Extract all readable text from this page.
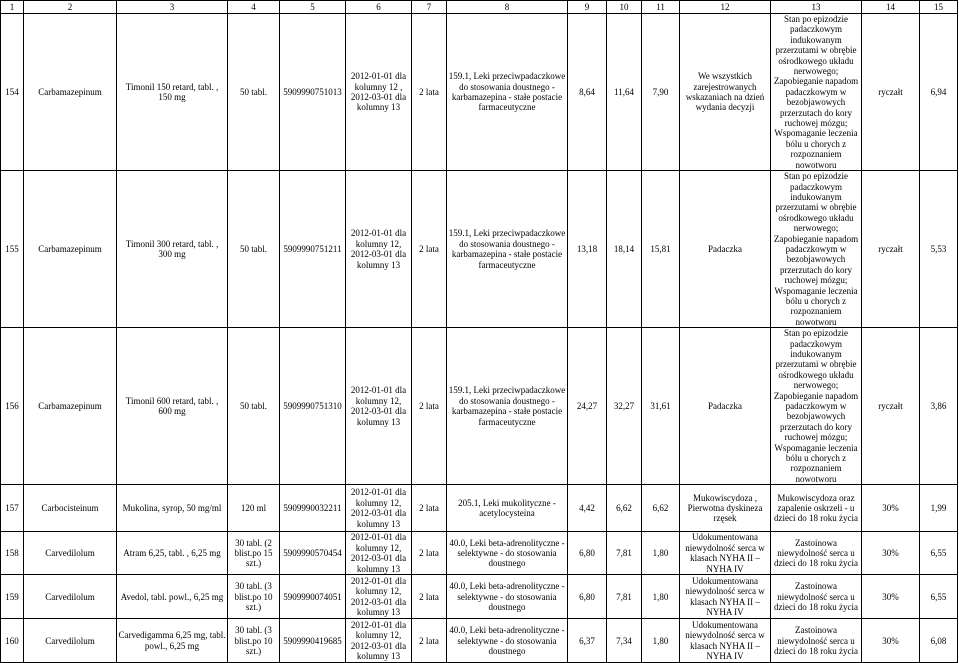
1	2	3	4	5	6	7	8	9	10	11	12	13	14	15
154	Carbamazepinum	Timonil 150 retard, tabl. , 150 mg	50 tabl.	5909990751013	2012-01-01 dla kolumny 12 , 2012-03-01 dla kolumny 13	2 lata	159.1, Leki przeciwpadaczkowe do stosowania doustnego - karbamazepina - stałe postacie farmaceutyczne	8,64	11,64	7,90	We wszystkich zarejestrowanych wskazaniach na dzień wydania decyzji	Stan po epizodzie padaczkowym indukowanym przerzutami w obrębie ośrodkowego układu nerwowego; Zapobieganie napadom padaczkowym w bezobjawowych przerzutach do kory ruchowej mózgu; Wspomaganie leczenia bólu u chorych z rozpoznaniem nowotworu	ryczałt	6,94
155	Carbamazepinum	Timonil 300 retard, tabl. , 300 mg	50 tabl.	5909990751211	2012-01-01 dla kolumny 12, 2012-03-01 dla kolumny 13	2 lata	159.1, Leki przeciwpadaczkowe do stosowania doustnego - karbamazepina - stałe postacie farmaceutyczne	13,18	18,14	15,81	Padaczka	Stan po epizodzie padaczkowym indukowanym przerzutami w obrębie ośrodkowego układu nerwowego; Zapobieganie napadom padaczkowym w bezobjawowych przerzutach do kory ruchowej mózgu; Wspomaganie leczenia bólu u chorych z rozpoznaniem nowotworu	ryczałt	5,53
156	Carbamazepinum	Timonil 600 retard, tabl. , 600 mg	50 tabl.	5909990751310	2012-01-01 dla kolumny 12, 2012-03-01 dla kolumny 13	2 lata	159.1, Leki przeciwpadaczkowe do stosowania doustnego - karbamazepina - stałe postacie farmaceutyczne	24,27	32,27	31,61	Padaczka	Stan po epizodzie padaczkowym indukowanym przerzutami w obrębie ośrodkowego układu nerwowego; Zapobieganie napadom padaczkowym w bezobjawowych przerzutach do kory ruchowej mózgu; Wspomaganie leczenia bólu u chorych z rozpoznaniem nowotworu	ryczałt	3,86
157	Carbocisteinum	Mukolina, syrop, 50 mg/ml	120 ml	5909990032211	2012-01-01 dla kolumny 12, 2012-03-01 dla kolumny 13	2 lata	205.1, Leki mukolityczne - acetylocysteina	4,42	6,62	6,62	Mukowiscydoza , Pierwotna dyskineza rzęsek	Mukowiscydoza oraz zapalenie oskrzeli - u dzieci do 18 roku życia	30%	1,99
158	Carvedilolum	Atram 6,25, tabl. , 6,25 mg	30 tabl. (2 blist.po 15 szt.)	5909990570454	2012-01-01 dla kolumny 12, 2012-03-01 dla kolumny 13	2 lata	40.0, Leki beta-adrenolityczne - selektywne - do stosowania doustnego	6,80	7,81	1,80	Udokumentowana niewydolność serca w klasach NYHA II – NYHA IV	Zastoinowa niewydolność serca u dzieci do 18 roku życia	30%	6,55
159	Carvedilolum	Avedol, tabl. powl., 6,25 mg	30 tabl. (3 blist.po 10 szt.)	5909990074051	2012-01-01 dla kolumny 12, 2012-03-01 dla kolumny 13	2 lata	40.0, Leki beta-adrenolityczne - selektywne - do stosowania doustnego	6,80	7,81	1,80	Udokumentowana niewydolność serca w klasach NYHA II – NYHA IV	Zastoinowa niewydolność serca u dzieci do 18 roku życia	30%	6,55
160	Carvedilolum	Carvedigamma 6,25 mg, tabl. powl., 6,25 mg	30 tabl. (3 blist.po 10 szt.)	5909990419685	2012-01-01 dla kolumny 12, 2012-03-01 dla kolumny 13	2 lata	40.0, Leki beta-adrenolityczne - selektywne - do stosowania doustnego	6,37	7,34	1,80	Udokumentowana niewydolność serca w klasach NYHA II – NYHA IV	Zastoinowa niewydolność serca u dzieci do 18 roku życia	30%	6,08
